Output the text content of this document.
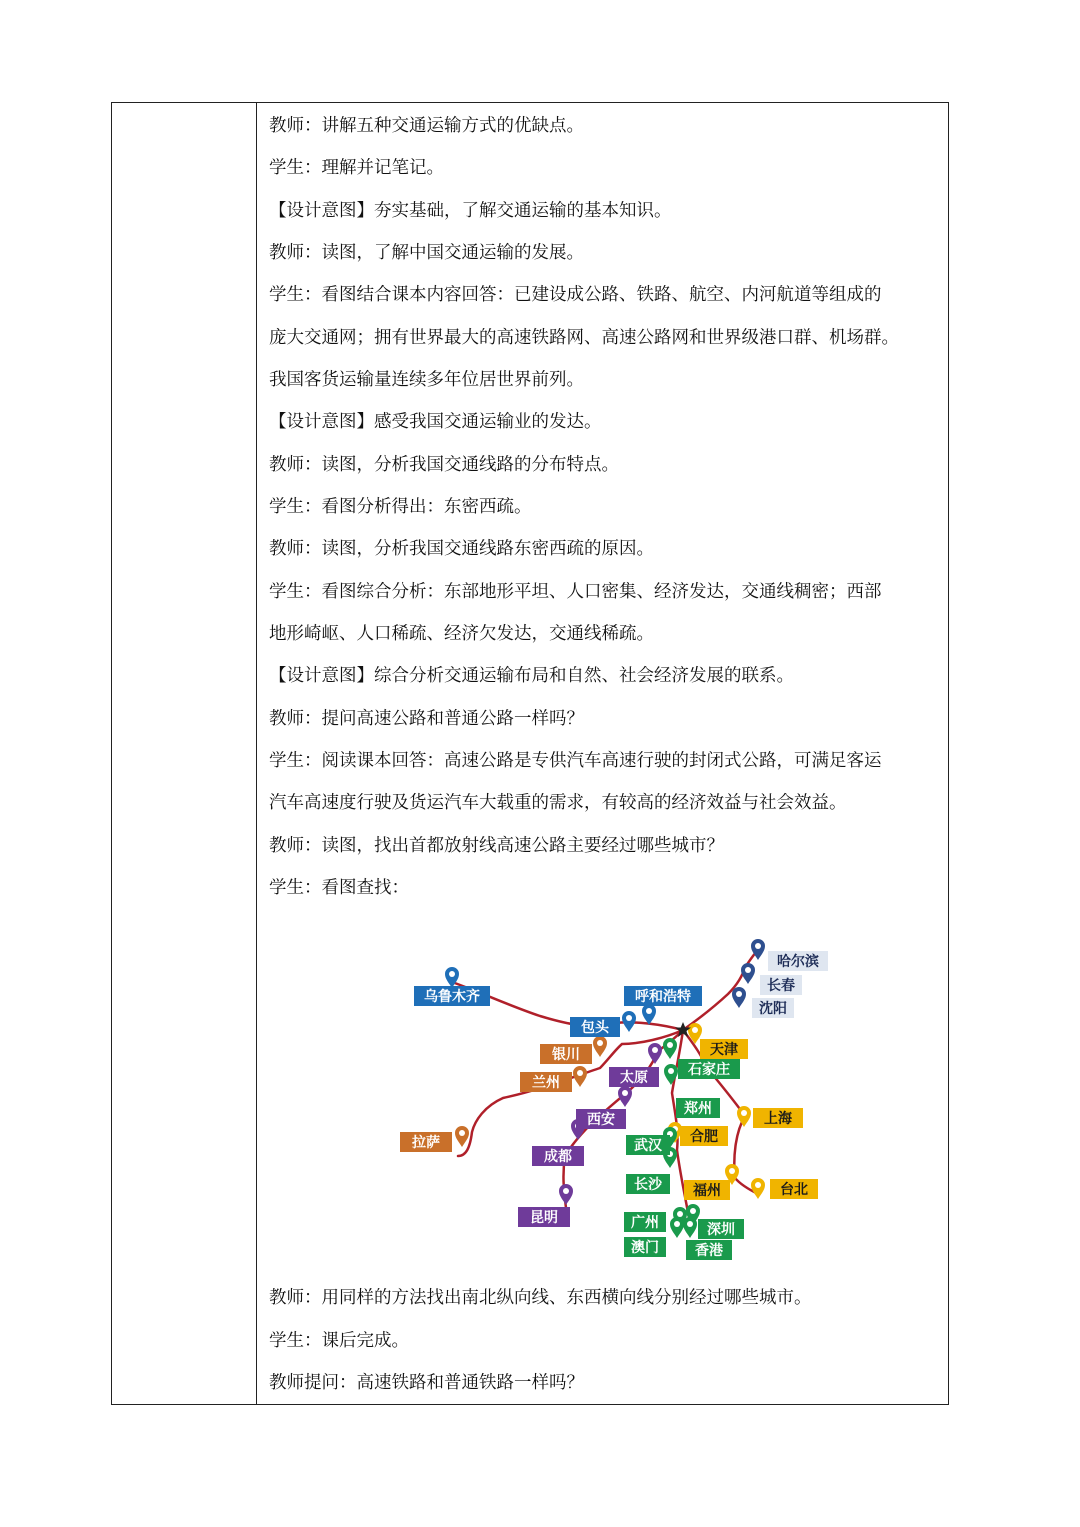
教师：讲解五种交通运输方式的优缺点。
学生：理解并记笔记。
【设计意图】夯实基础，了解交通运输的基本知识。
教师：读图，了解中国交通运输的发展。
学生：看图结合课本内容回答：已建设成公路、铁路、航空、内河航道等组成的
庞大交通网；拥有世界最大的高速铁路网、高速公路网和世界级港口群、机场群。
我国客货运输量连续多年位居世界前列。
【设计意图】感受我国交通运输业的发达。
教师：读图，分析我国交通线路的分布特点。
学生：看图分析得出：东密西疏。
教师：读图，分析我国交通线路东密西疏的原因。
学生：看图综合分析：东部地形平坦、人口密集、经济发达，交通线稠密；西部
地形崎岖、人口稀疏、经济欠发达，交通线稀疏。
【设计意图】综合分析交通运输布局和自然、社会经济发展的联系。
教师：提问高速公路和普通公路一样吗？
学生：阅读课本回答：高速公路是专供汽车高速行驶的封闭式公路，可满足客运
汽车高速度行驶及货运汽车大载重的需求，有较高的经济效益与社会效益。
教师：读图，找出首都放射线高速公路主要经过哪些城市？
学生：看图查找：
教师：用同样的方法找出南北纵向线、东西横向线分别经过哪些城市。
学生：课后完成。
教师提问：高速铁路和普通铁路一样吗？
哈尔滨
长春
沈阳
乌鲁木齐	呼和浩特
包头
天津
银川
石家庄
太原
兰州
郑州
上海
西安
拉萨	合肥
武汉
成都
长沙 福州	台北
昆明	广州	深圳
澳门	香港
